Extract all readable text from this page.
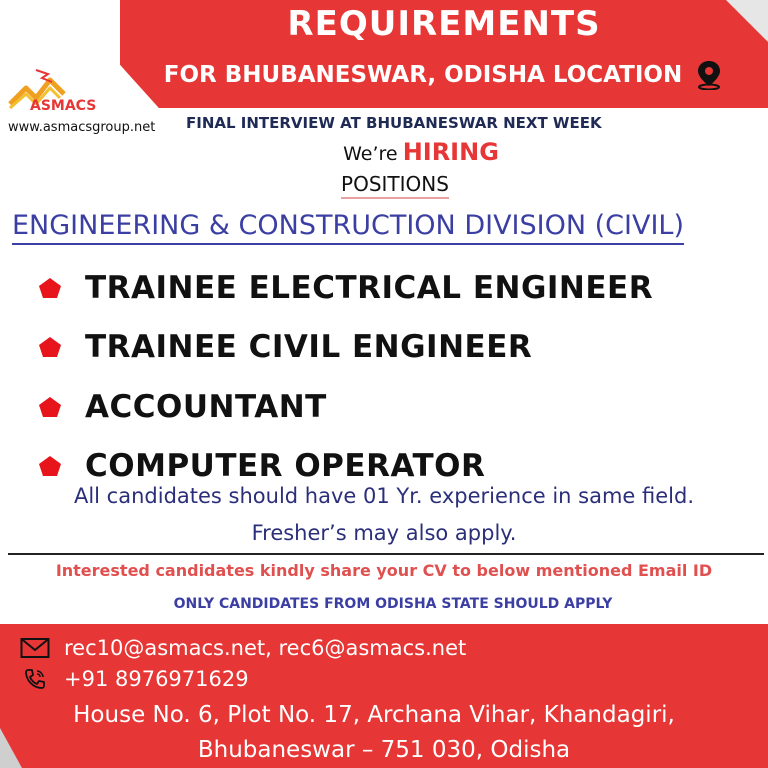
REQUIREMENTS
FOR BHUBANESWAR, ODISHA LOCATION
ASMACS
www.asmacsgroup.net FINAL INTERVIEW AT BHUBANESWAR NEXT WEEK
We’re HIRING
POSITIONS
ENGINEERING & CONSTRUCTION DIVISION (CIVIL)
TRAINEE ELECTRICAL ENGINEER
TRAINEE CIVIL ENGINEER
ACCOUNTANT
COMPUTER OPERATOR
All candidates should have 01 Yr. experience in same field.
Fresher’s may also apply.
Interested candidates kindly share your CV to below mentioned Email ID
ONLY CANDIDATES FROM ODISHA STATE SHOULD APPLY
rec10@asmacs.net, rec6@asmacs.net
+91 8976971629
House No. 6, Plot No. 17, Archana Vihar, Khandagiri,
Bhubaneswar – 751 030, Odisha
